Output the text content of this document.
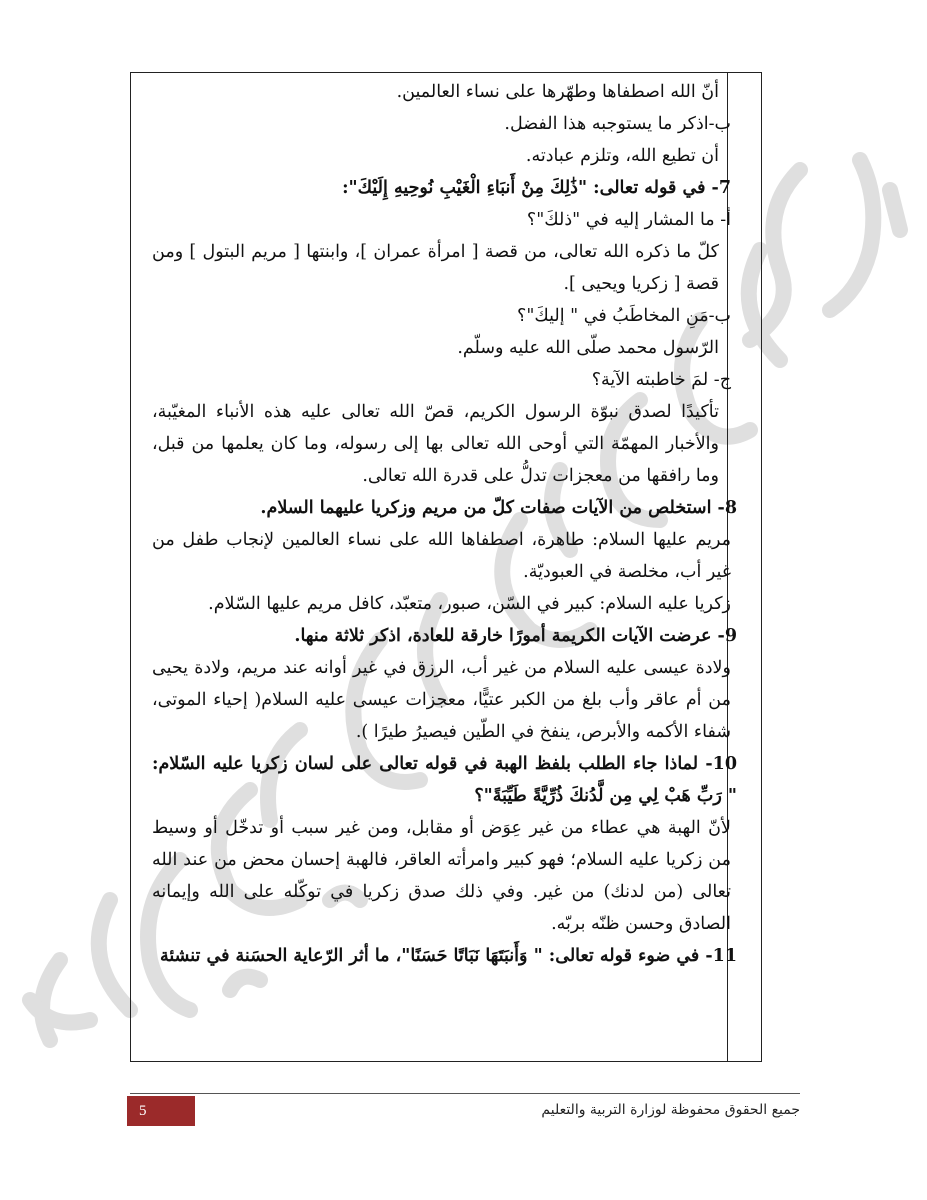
أنّ الله اصطفاها وطهّرها على نساء العالمين.

ب-اذكر ما يستوجبه هذا الفضل.

أن تطيع الله، وتلزم عبادته.

7- في قوله تعالى: "ذَٰلِكَ مِنْ أَنبَاءِ الْغَيْبِ نُوحِيهِ إِلَيْكَ":

أ- ما المشار إليه في "ذلكَ"؟

كلّ ما ذكره الله تعالى، من قصة [ امرأة عمران ]، وابنتها [ مريم البتول ] ومن قصة [ زكريا ويحيى ].

ب-مَنِ المخاطَبُ في " إليكَ"؟

الرّسول محمد صلّى الله عليه وسلّم.

ج- لمَ خاطبته الآية؟

تأكيدًا لصدق نبوّة الرسول الكريم، قصّ الله تعالى عليه هذه الأنباء المغيّبة، والأخبار المهمّة التي أوحى الله تعالى بها إلى رسوله، وما كان يعلمها من قبل، وما رافقها من معجزات تدلُّ على قدرة الله تعالى.

8- استخلص من الآيات صفات كلّ من مريم وزكريا عليهما السلام.

مريم عليها السلام: طاهرة، اصطفاها الله على نساء العالمين لإنجاب طفل من غير أب، مخلصة في العبوديّة.

زكريا عليه السلام: كبير في السّن، صبور، متعبّد، كافل مريم عليها السّلام.

9- عرضت الآيات الكريمة أمورًا خارقة للعادة، اذكر ثلاثة منها.

ولادة عيسى عليه السلام من غير أب، الرزق في غير أوانه عند مريم، ولادة يحيى من أم عاقر وأب بلغ من الكبر عتيًّا، معجزات عيسى عليه السلام( إحياء الموتى، شفاء الأكمه والأبرص، ينفخ في الطّين فيصيرُ طيرًا ).

10- لماذا جاء الطلب بلفظ الهبة في قوله تعالى على لسان زكريا عليه السّلام: " رَبِّ هَبْ لِي مِن لَّدُنكَ ذُرِّيَّةً طَيِّبَةً"؟

لأنّ الهبة هي عطاء من غير عِوَض أو مقابل، ومن غير سبب أو تدخّل أو وسيط من زكريا عليه السلام؛ فهو كبير وامرأته العاقر، فالهبة إحسان محض من عند الله تعالى (من لدنك) من غير. وفي ذلك صدق زكريا في توكّله على الله وإيمانه الصادق وحسن ظنّه بربّه.

11- في ضوء قوله تعالى: " وَأَنبَتَهَا نَبَاتًا حَسَنًا"، ما أثر الرّعاية الحسَنة في تنشئة

جميع الحقوق محفوظة لوزارة التربية والتعليم
5
